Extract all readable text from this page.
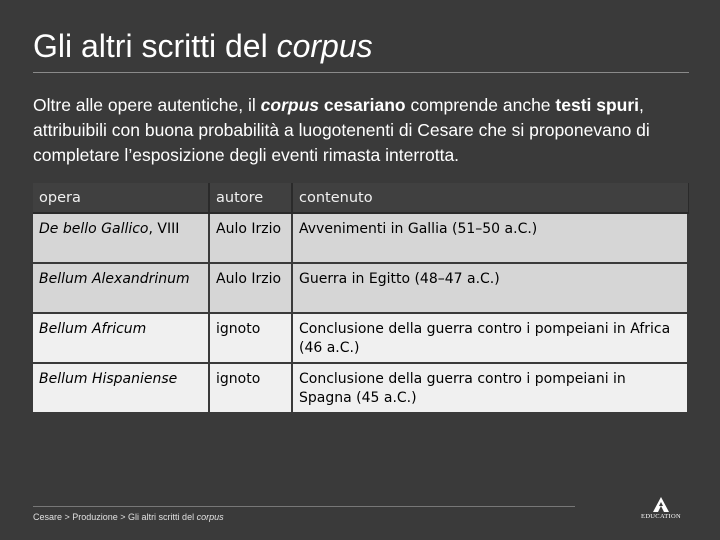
Gli altri scritti del corpus

Oltre alle opere autentiche, il corpus cesariano comprende anche testi spuri, attribuibili con buona probabilità a luogotenenti di Cesare che si proponevano di completare l’esposizione degli eventi rimasta interrotta.

opera	autore	contenuto
De bello Gallico, VIII	Aulo Irzio	Avvenimenti in Gallia (51–50 a.C.)
Bellum Alexandrinum	Aulo Irzio	Guerra in Egitto (48–47 a.C.)
Bellum Africum	ignoto	Conclusione della guerra contro i pompeiani in Africa (46 a.C.)
Bellum Hispaniense	ignoto	Conclusione della guerra contro i pompeiani in Spagna (45 a.C.)
Cesare > Produzione > Gli altri scritti del corpus	EDUCATION
